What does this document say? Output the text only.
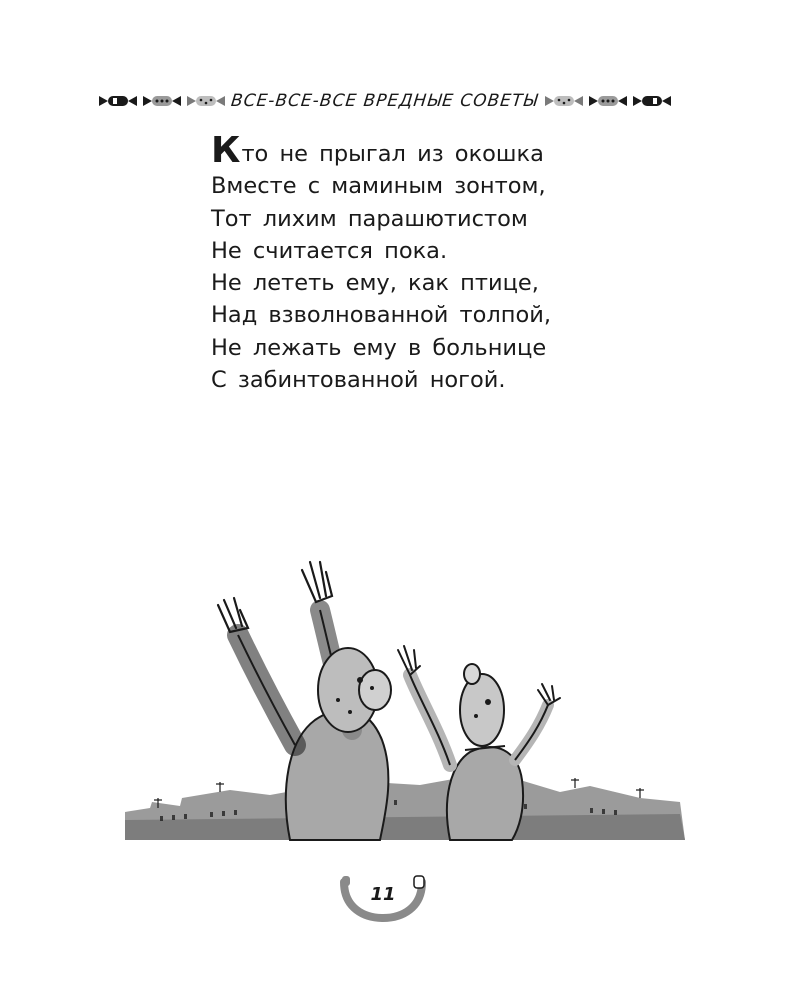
ВСЕ-ВСЕ-ВСЕ ВРЕДНЫЕ СОВЕТЫ
Кто не прыгал из окошка
Вместе с маминым зонтом,
Тот лихим парашютистом
Не считается пока.
Не лететь ему, как птице,
Над взволнованной толпой,
Не лежать ему в больнице
С забинтованной ногой.
11
